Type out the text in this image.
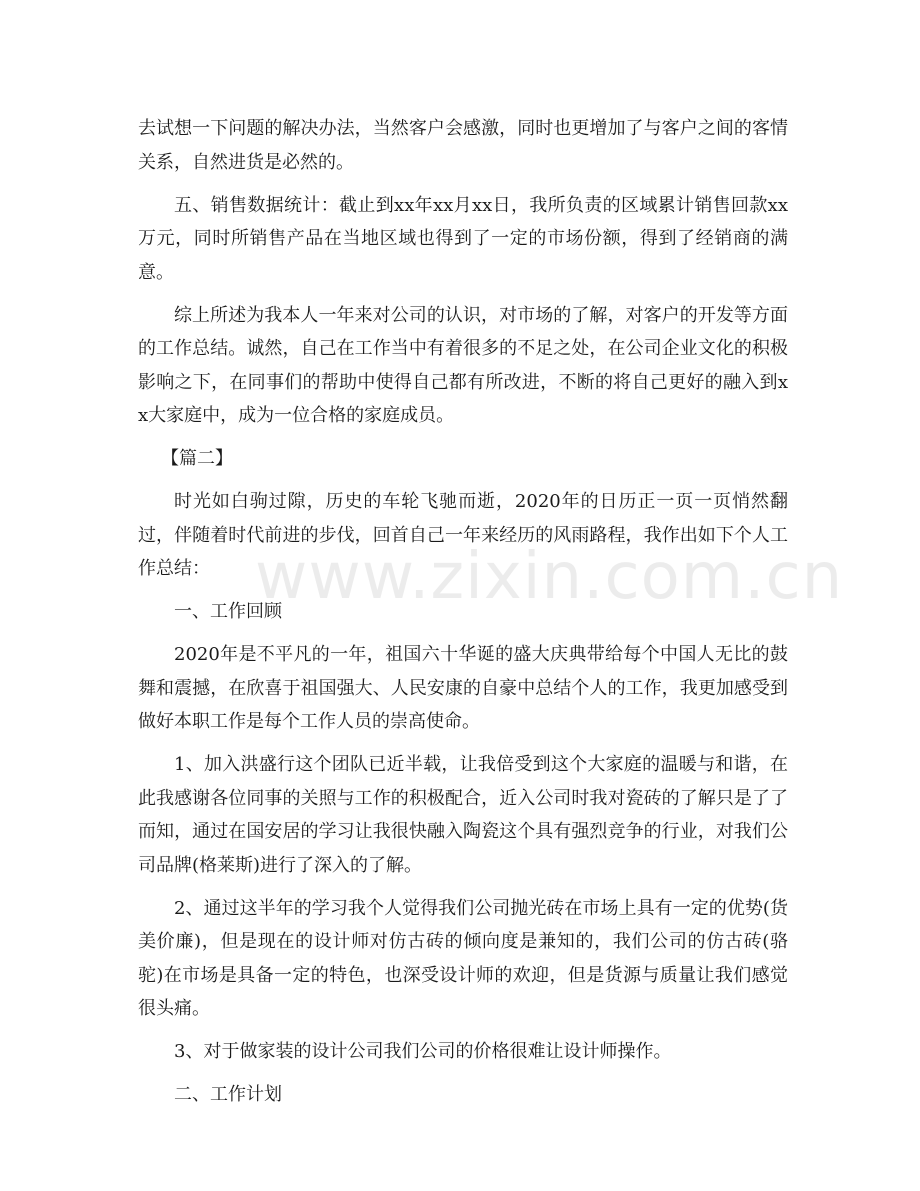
去试想一下问题的解决办法，当然客户会感激，同时也更增加了与客户之间的客情关系，自然进货是必然的。

五、销售数据统计：截止到xx年xx月xx日，我所负责的区域累计销售回款xx万元，同时所销售产品在当地区域也得到了一定的市场份额，得到了经销商的满意。

综上所述为我本人一年来对公司的认识，对市场的了解，对客户的开发等方面的工作总结。诚然，自己在工作当中有着很多的不足之处，在公司企业文化的积极影响之下，在同事们的帮助中使得自己都有所改进，不断的将自己更好的融入到xx大家庭中，成为一位合格的家庭成员。

【篇二】

时光如白驹过隙，历史的车轮飞驰而逝，2020年的日历正一页一页悄然翻过，伴随着时代前进的步伐，回首自己一年来经历的风雨路程，我作出如下个人工作总结：

一、工作回顾

2020年是不平凡的一年，祖国六十华诞的盛大庆典带给每个中国人无比的鼓舞和震撼，在欣喜于祖国强大、人民安康的自豪中总结个人的工作，我更加感受到做好本职工作是每个工作人员的崇高使命。

1、加入洪盛行这个团队已近半载，让我倍受到这个大家庭的温暖与和谐，在此我感谢各位同事的关照与工作的积极配合，近入公司时我对瓷砖的了解只是了了而知，通过在国安居的学习让我很快融入陶瓷这个具有强烈竞争的行业，对我们公司品牌(格莱斯)进行了深入的了解。

2、通过这半年的学习我个人觉得我们公司抛光砖在市场上具有一定的优势(货美价廉)，但是现在的设计师对仿古砖的倾向度是兼知的，我们公司的仿古砖(骆驼)在市场是具备一定的特色，也深受设计师的欢迎，但是货源与质量让我们感觉很头痛。

3、对于做家装的设计公司我们公司的价格很难让设计师操作。

二、工作计划

www.zixin.com.cn
